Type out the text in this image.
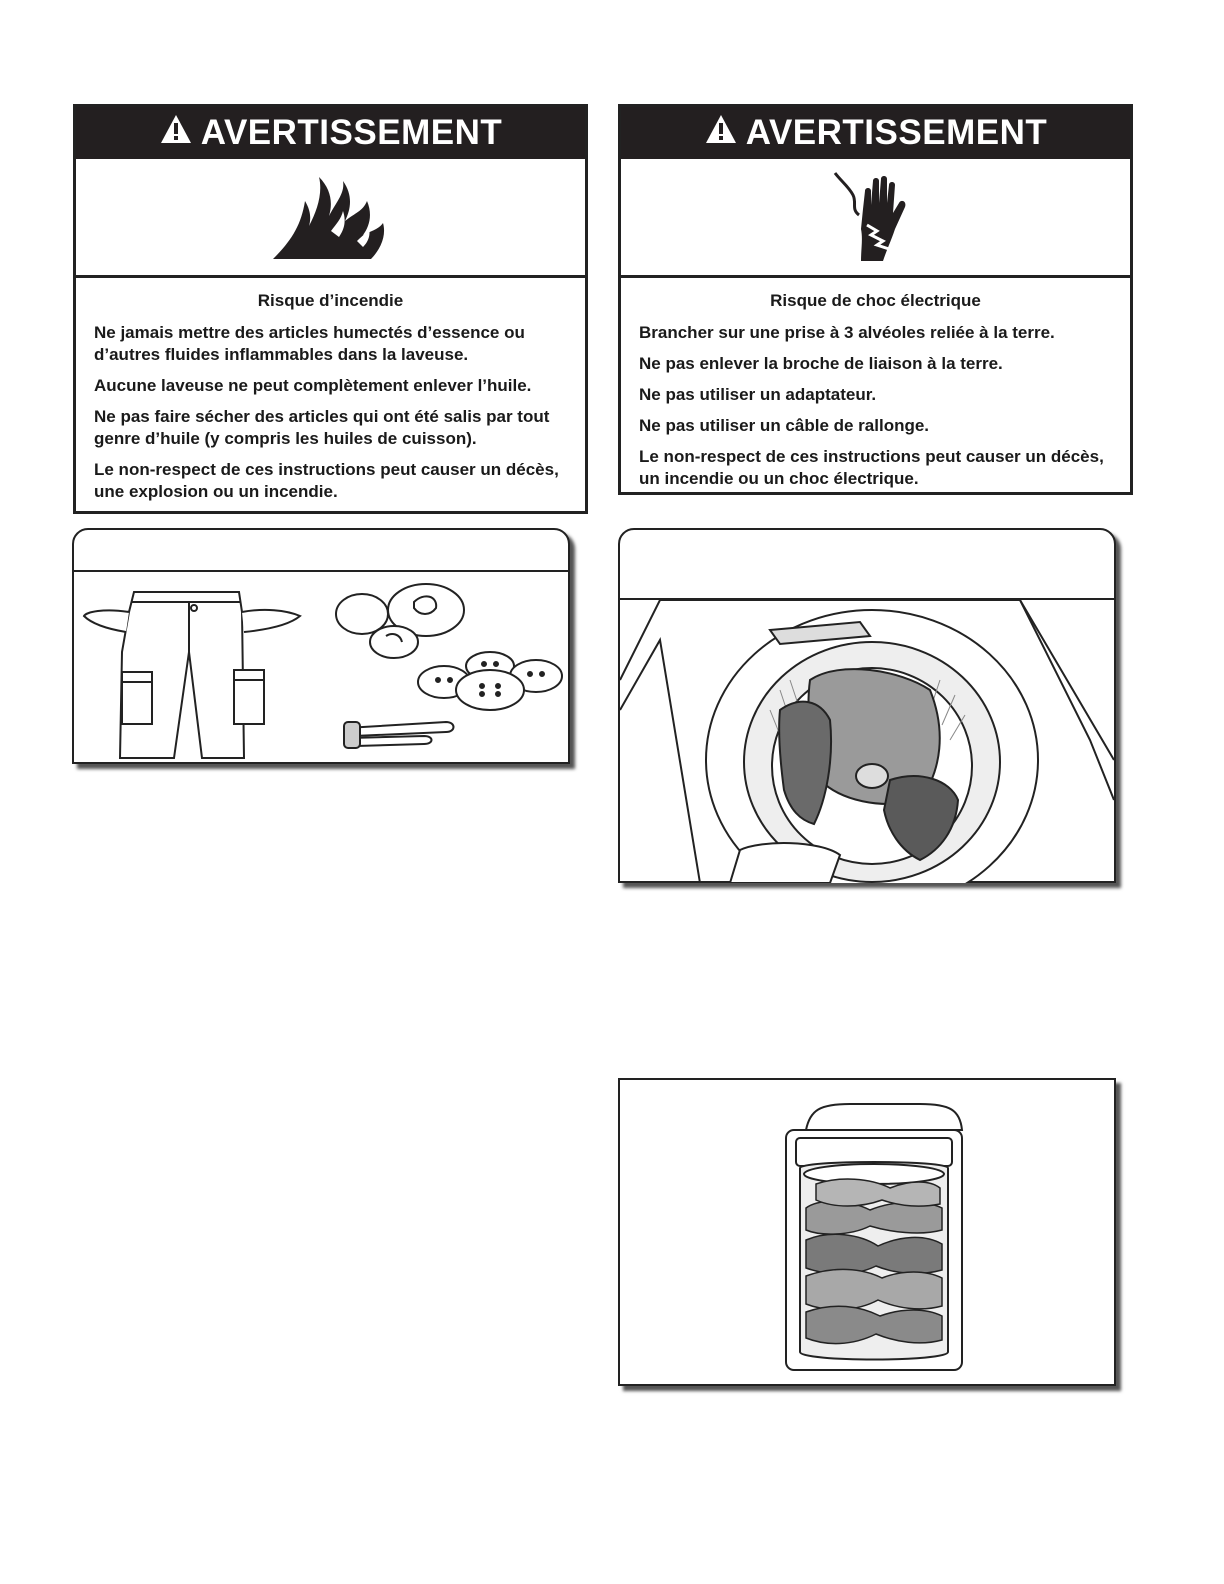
AVERTISSEMENT
Risque d’incendie

Ne jamais mettre des articles humectés d’essence ou d’autres fluides inflammables dans la laveuse.

Aucune laveuse ne peut complètement enlever l’huile.

Ne pas faire sécher des articles qui ont été salis par tout genre d’huile (y compris les huiles de cuisson).

Le non-respect de ces instructions peut causer un décès, une explosion ou un incendie.

AVERTISSEMENT
Risque de choc électrique

Brancher sur une prise à 3 alvéoles reliée à la terre.

Ne pas enlever la broche de liaison à la terre.

Ne pas utiliser un adaptateur.

Ne pas utiliser un câble de rallonge.

Le non-respect de ces instructions peut causer un décès, un incendie ou un choc électrique.
